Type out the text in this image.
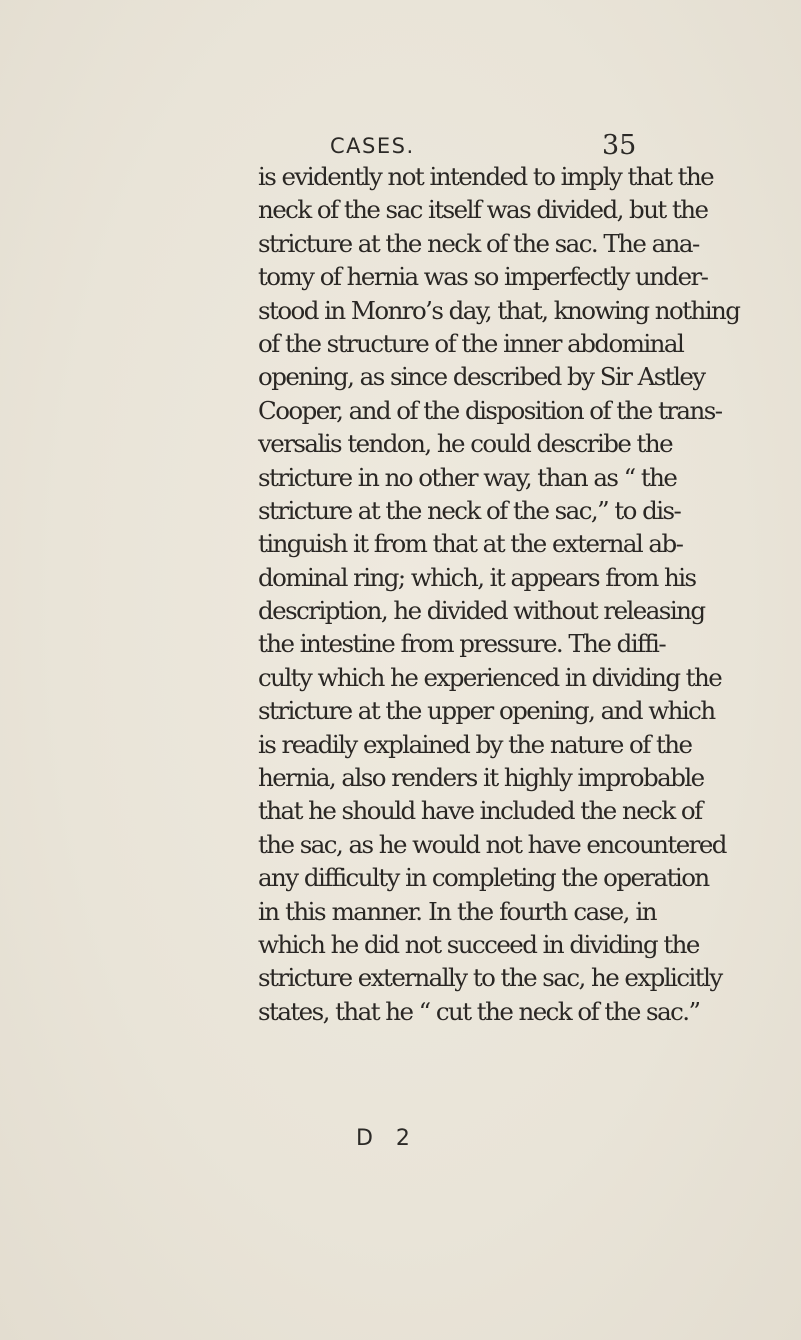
CASES.	35
is evidently not intended to imply that the
neck of the sac itself was divided, but the
stricture at the neck of the sac. The ana-
tomy of hernia was so imperfectly under-
stood in Monro’s day, that, knowing nothing
of the structure of the inner abdominal
opening, as since described by Sir Astley
Cooper, and of the disposition of the trans-
versalis tendon, he could describe the
stricture in no other way, than as “ the
stricture at the neck of the sac,” to dis-
tinguish it from that at the external ab-
dominal ring; which, it appears from his
description, he divided without releasing
the intestine from pressure. The diffi-
culty which he experienced in dividing the
stricture at the upper opening, and which
is readily explained by the nature of the
hernia, also renders it highly improbable
that he should have included the neck of
the sac, as he would not have encountered
any difficulty in completing the operation
in this manner. In the fourth case, in
which he did not succeed in dividing the
stricture externally to the sac, he explicitly
states, that he “ cut the neck of the sac.”
D 2
